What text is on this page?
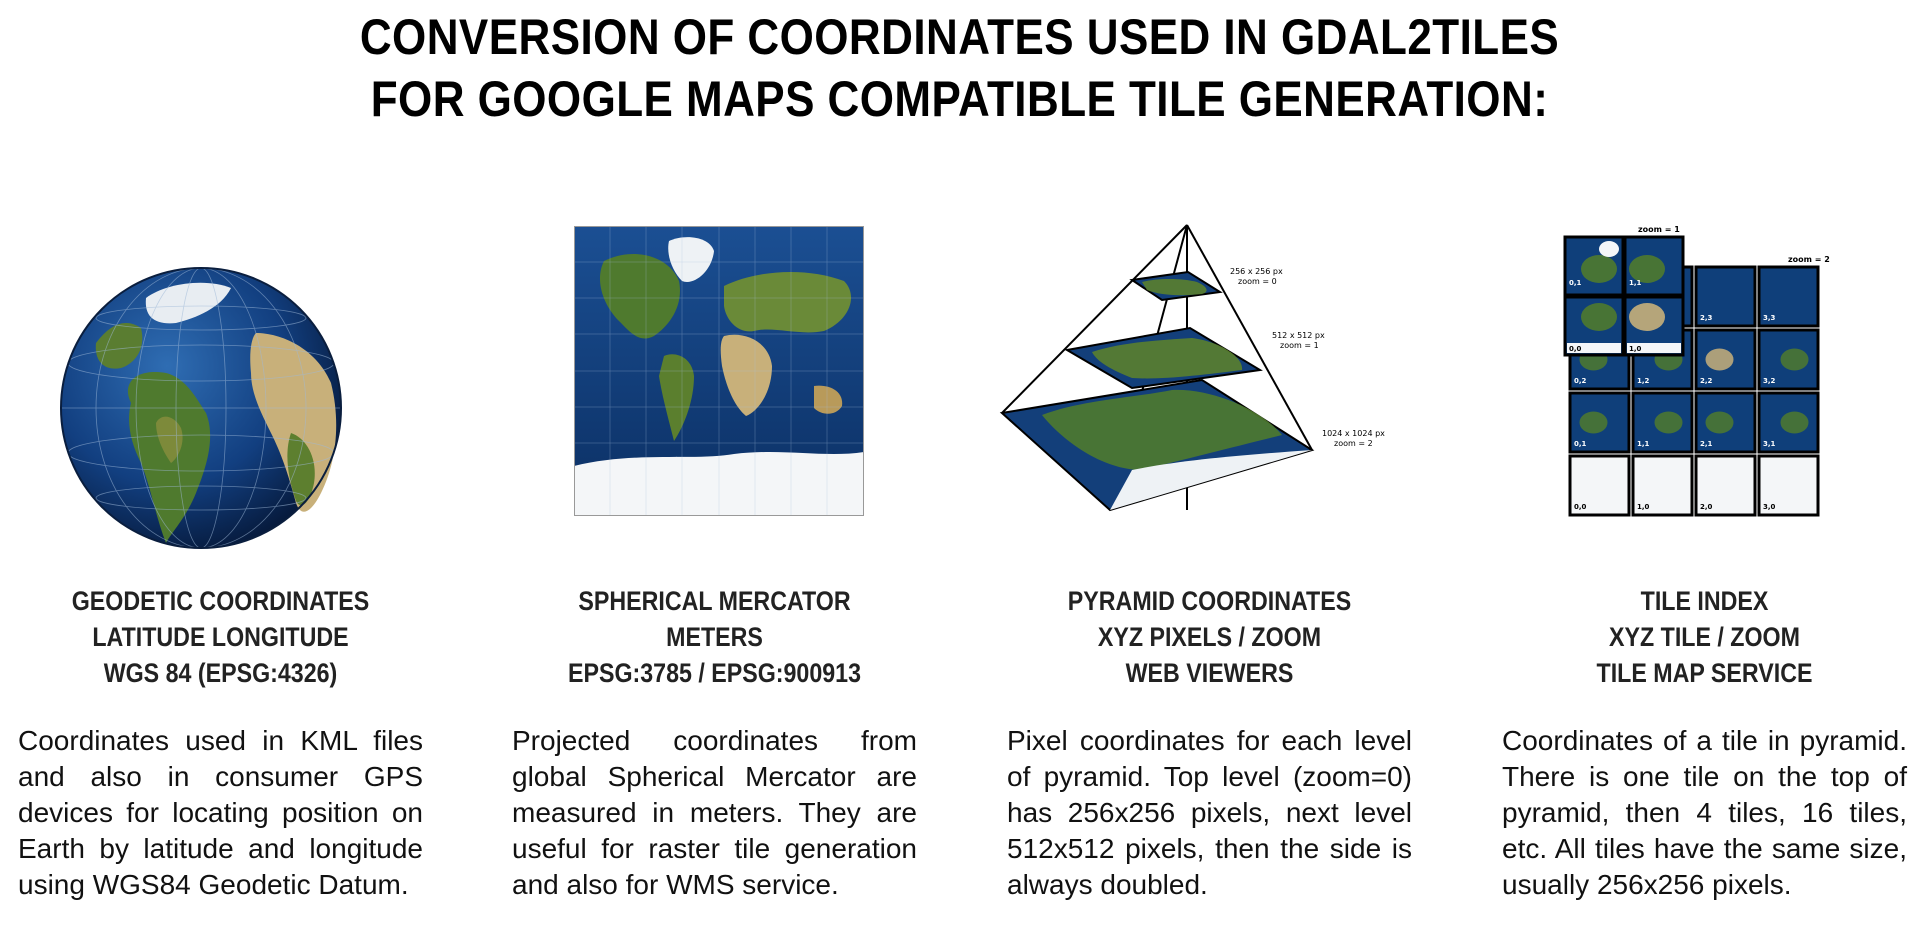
CONVERSION OF COORDINATES USED IN GDAL2TILES
FOR GOOGLE MAPS COMPATIBLE TILE GENERATION:
GEODETIC COORDINATES
LATITUDE LONGITUDE
WGS 84 (EPSG:4326)
Coordinates used in KML files and also in consumer GPS devices for locating position on Earth by latitude and longitude using WGS84 Geodetic Datum.
SPHERICAL MERCATOR
METERS
EPSG:3785 / EPSG:900913
Projected coordinates from global Spherical Mercator are measured in meters. They are useful for raster tile generation and also for WMS service.
256 x 256 px
zoom = 0
512 x 512 px
zoom = 1
1024 x 1024 px
zoom = 2
PYRAMID COORDINATES
XYZ PIXELS / ZOOM
WEB VIEWERS
Pixel coordinates for each level of pyramid. Top level (zoom=0) has 256x256 pixels, next level 512x512 pixels, then the side is always doubled.
zoom = 1
zoom = 2
2,3	3,3
0,2	1,2	2,2	3,2
0,1	1,1	2,1	3,1
0,0	1,0	2,0	3,0
0,1	1,1
0,0	1,0
TILE INDEX
XYZ TILE / ZOOM
TILE MAP SERVICE
Coordinates of a tile in pyramid. There is one tile on the top of pyramid, then 4 tiles, 16 tiles, etc. All tiles have the same size, usually 256x256 pixels.
